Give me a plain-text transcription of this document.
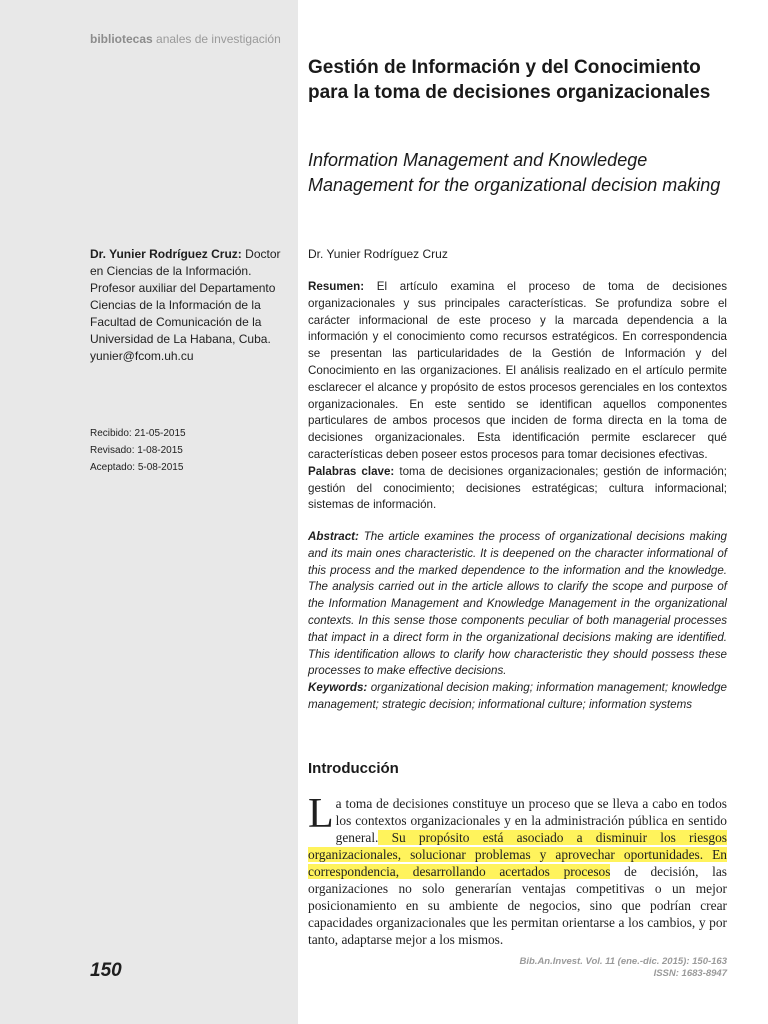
bibliotecas anales de investigación
Dr. Yunier Rodríguez Cruz: Doctor en Ciencias de la Información. Profesor auxiliar del Departamento Ciencias de la Información de la Facultad de Comunicación de la Universidad de La Habana, Cuba.
yunier@fcom.uh.cu
Recibido: 21-05-2015
Revisado: 1-08-2015
Aceptado: 5-08-2015
150
Gestión de Información y del Conocimiento para la toma de decisiones organizacionales
Information Management and Knowledege Management for the organizational decision making
Dr. Yunier Rodríguez Cruz
Resumen: El artículo examina el proceso de toma de decisiones organizacionales y sus principales características. Se profundiza sobre el carácter informacional de este proceso y la marcada dependencia a la información y el conocimiento como recursos estratégicos. En correspondencia se presentan las particularidades de la Gestión de Información y del Conocimiento en las organizaciones. El análisis realizado en el artículo permite esclarecer el alcance y propósito de estos procesos gerenciales en los contextos organizacionales. En este sentido se identifican aquellos componentes particulares de ambos procesos que inciden de forma directa en la toma de decisiones organizacionales. Esta identificación permite esclarecer qué características deben poseer estos procesos para tomar decisiones efectivas.
Palabras clave: toma de decisiones organizacionales; gestión de información; gestión del conocimiento; decisiones estratégicas; cultura informacional; sistemas de información.
Abstract: The article examines the process of organizational decisions making and its main ones characteristic. It is deepened on the character informational of this process and the marked dependence to the information and the knowledge. The analysis carried out in the article allows to clarify the scope and purpose of the Information Management and Knowledge Management in the organizational contexts. In this sense those components peculiar of both managerial processes that impact in a direct form in the organizational decisions making are identified. This identification allows to clarify how characteristic they should possess these processes to make effective decisions.
Keywords: organizational decision making; information management; knowledge management; strategic decision; informational culture; information systems
Introducción
La toma de decisiones constituye un proceso que se lleva a cabo en todos los contextos organizacionales y en la administración pública en sentido general. Su propósito está asociado a disminuir los riesgos organizacionales, solucionar problemas y aprovechar oportunidades. En correspondencia, desarrollando acertados procesos de decisión, las organizaciones no solo generarían ventajas competitivas o un mejor posicionamiento en su ambiente de negocios, sino que podrían crear capacidades organizacionales que les permitan orientarse a los cambios, y por tanto, adaptarse mejor a los mismos.
Bib.An.Invest. Vol. 11 (ene.-dic. 2015): 150-163
ISSN: 1683-8947
